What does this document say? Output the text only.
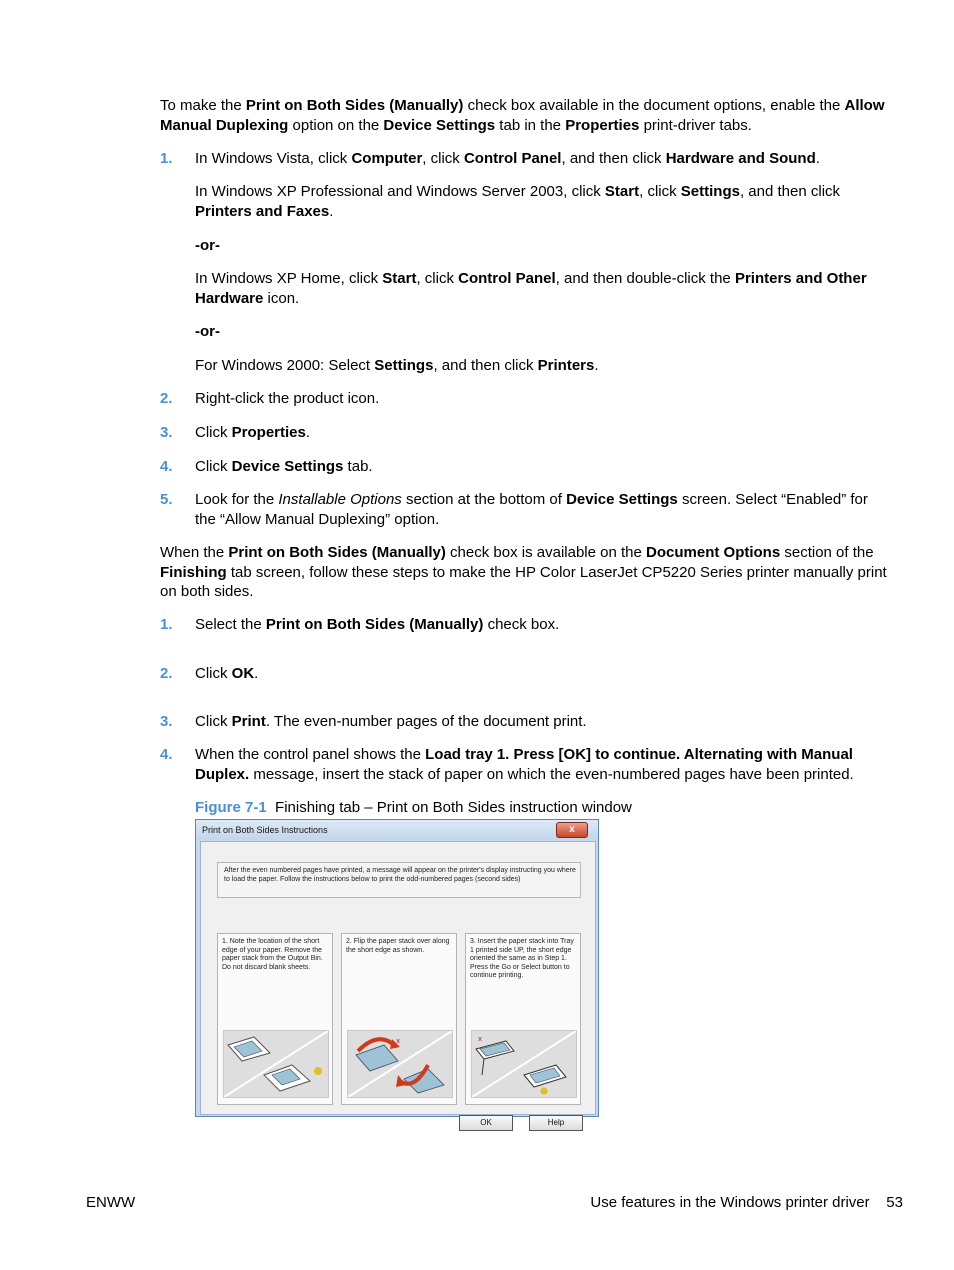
To make the Print on Both Sides (Manually) check box available in the document options, enable the Allow Manual Duplexing option on the Device Settings tab in the Properties print-driver tabs.

1. In Windows Vista, click Computer, click Control Panel, and then click Hardware and Sound.

In Windows XP Professional and Windows Server 2003, click Start, click Settings, and then click Printers and Faxes.

-or-

In Windows XP Home, click Start, click Control Panel, and then double-click the Printers and Other Hardware icon.

-or-

For Windows 2000: Select Settings, and then click Printers.

2. Right-click the product icon.

3. Click Properties.

4. Click Device Settings tab.

5. Look for the Installable Options section at the bottom of Device Settings screen. Select “Enabled” for the “Allow Manual Duplexing” option.

When the Print on Both Sides (Manually) check box is available on the Document Options section of the Finishing tab screen, follow these steps to make the HP Color LaserJet CP5220 Series printer manually print on both sides.

1. Select the Print on Both Sides (Manually) check box.

2. Click OK.

3. Click Print. The even-number pages of the document print.

4. When the control panel shows the Load tray 1. Press [OK] to continue. Alternating with Manual Duplex. message, insert the stack of paper on which the even-numbered pages have been printed.

Figure 7-1 Finishing tab – Print on Both Sides instruction window

Print on Both Sides Instructions	x
After the even numbered pages have printed, a message will appear on the printer's display instructing you where to load the paper. Follow the instructions below to print the odd-numbered pages (second sides)
1. Note the location of the short edge of your paper. Remove the paper stack from the Output Bin. Do not discard blank sheets.
2. Flip the paper stack over along the short edge as shown.
x
3. Insert the paper stack into Tray 1 printed side UP, the short edge oriented the same as in Step 1. Press the Go or Select button to continue printing.
x
OK	Help
ENWW	Use features in the Windows printer driver    53
